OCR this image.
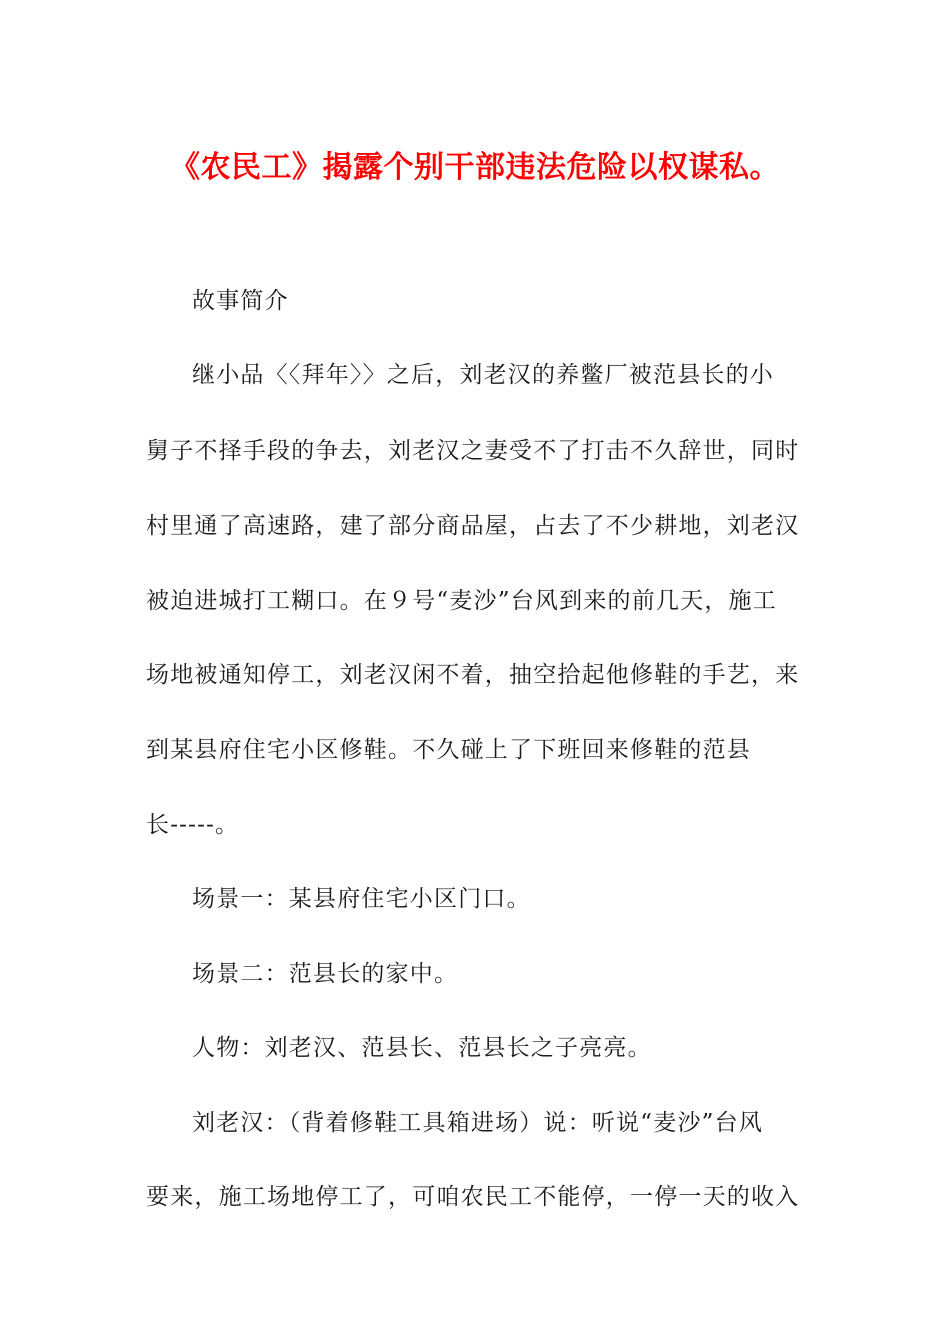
《农民工》揭露个别干部违法危险以权谋私。

故事简介

继小品〈〈拜年〉〉之后，刘老汉的养鳖厂被范县长的小

舅子不择手段的争去，刘老汉之妻受不了打击不久辞世，同时

村里通了高速路，建了部分商品屋，占去了不少耕地，刘老汉

被迫进城打工糊口。在９号“麦沙”台风到来的前几天，施工

场地被通知停工，刘老汉闲不着，抽空拾起他修鞋的手艺，来

到某县府住宅小区修鞋。不久碰上了下班回来修鞋的范县

长-----。

场景一：某县府住宅小区门口。

场景二：范县长的家中。

人物：刘老汉、范县长、范县长之子亮亮。

刘老汉：（背着修鞋工具箱进场）说：听说“麦沙”台风

要来，施工场地停工了，可咱农民工不能停，一停一天的收入
